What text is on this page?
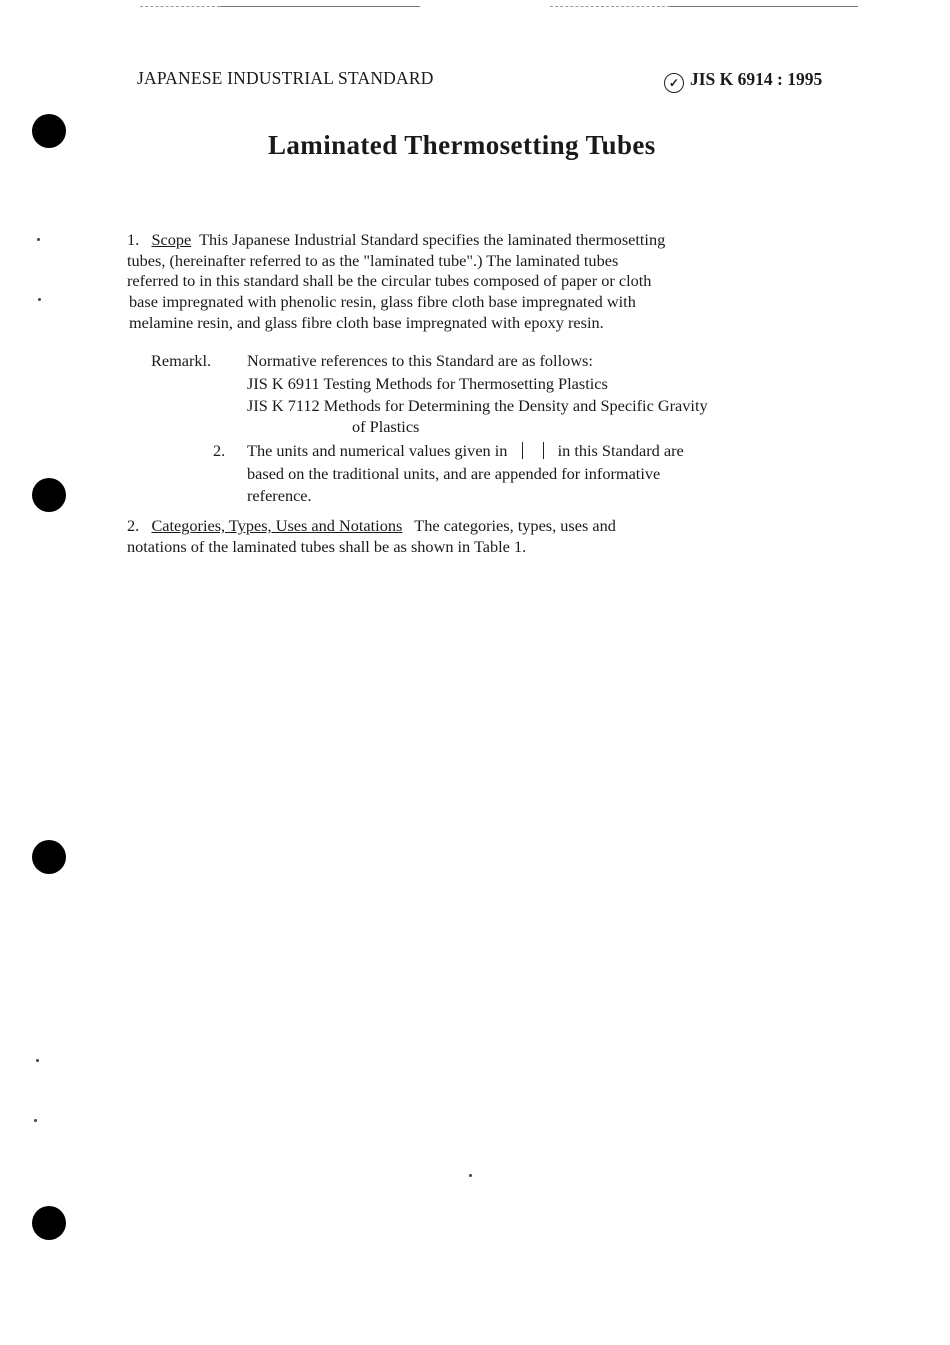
JAPANESE INDUSTRIAL STANDARD	✓ JIS K 6914 : 1995
Laminated Thermosetting Tubes
1. Scope This Japanese Industrial Standard specifies the laminated thermosetting
tubes, (hereinafter referred to as the "laminated tube".) The laminated tubes
referred to in this standard shall be the circular tubes composed of paper or cloth
base impregnated with phenolic resin, glass fibre cloth base impregnated with
melamine resin, and glass fibre cloth base impregnated with epoxy resin.
Remarkl. Normative references to this Standard are as follows:
JIS K 6911 Testing Methods for Thermosetting Plastics
JIS K 7112 Methods for Determining the Density and Specific Gravity
of Plastics
2. The units and numerical values given in	in this Standard are
based on the traditional units, and are appended for informative
reference.
2. Categories, Types, Uses and Notations The categories, types, uses and
notations of the laminated tubes shall be as shown in Table 1.
